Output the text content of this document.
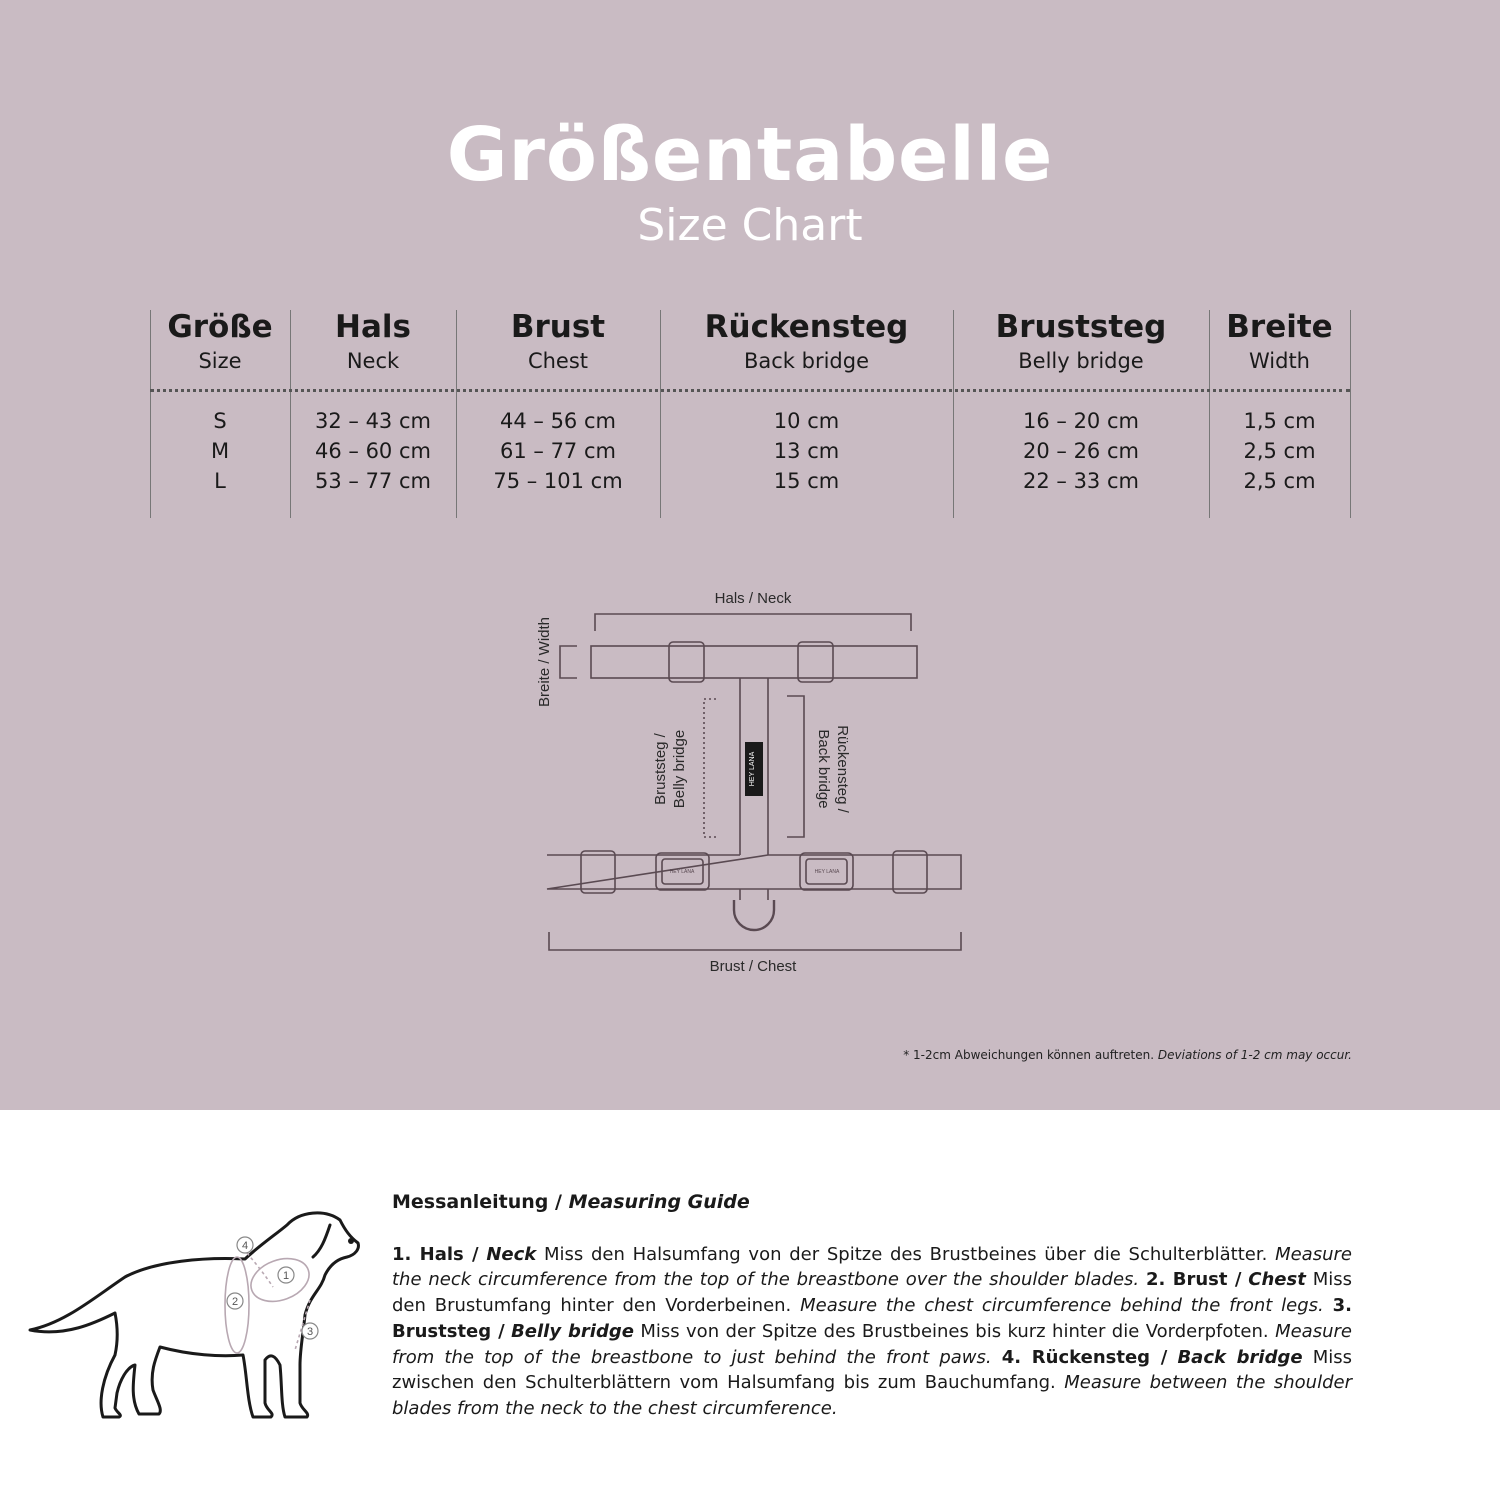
Größentabelle
Size Chart
Größe
Size
S
M
L
Hals
Neck
32 – 43 cm
46 – 60 cm
53 – 77 cm
Brust
Chest
44 – 56 cm
61 – 77 cm
75 – 101 cm
Rückensteg
Back bridge
10 cm
13 cm
15 cm
Bruststeg
Belly bridge
16 – 20 cm
20 – 26 cm
22 – 33 cm
Breite
Width
1,5 cm
2,5 cm
2,5 cm
HEY LANA
HEY LANA	HEY LANA
Hals / Neck
Breite / Width
Bruststeg / Belly bridge	Rückensteg /
Back bridge
Brust / Chest
* 1-2cm Abweichungen können auftreten. Deviations of 1-2 cm may occur.
1
2
3
4
Messanleitung / Measuring Guide
1. Hals / Neck Miss den Halsumfang von der Spitze des Brustbeines über die Schulterblätter. Measure the neck circumference from the top of the breastbone over the shoulder blades. 2. Brust / Chest Miss den Brustumfang hinter den Vorderbeinen. Measure the chest circumference behind the front legs. 3. Bruststeg / Belly bridge Miss von der Spitze des Brustbeines bis kurz hinter die Vorderpfoten. Measure from the top of the breastbone to just behind the front paws. 4. Rückensteg / Back bridge Miss zwischen den Schulterblättern vom Halsumfang bis zum Bauchumfang. Measure between the shoulder blades from the neck to the chest circumference.
